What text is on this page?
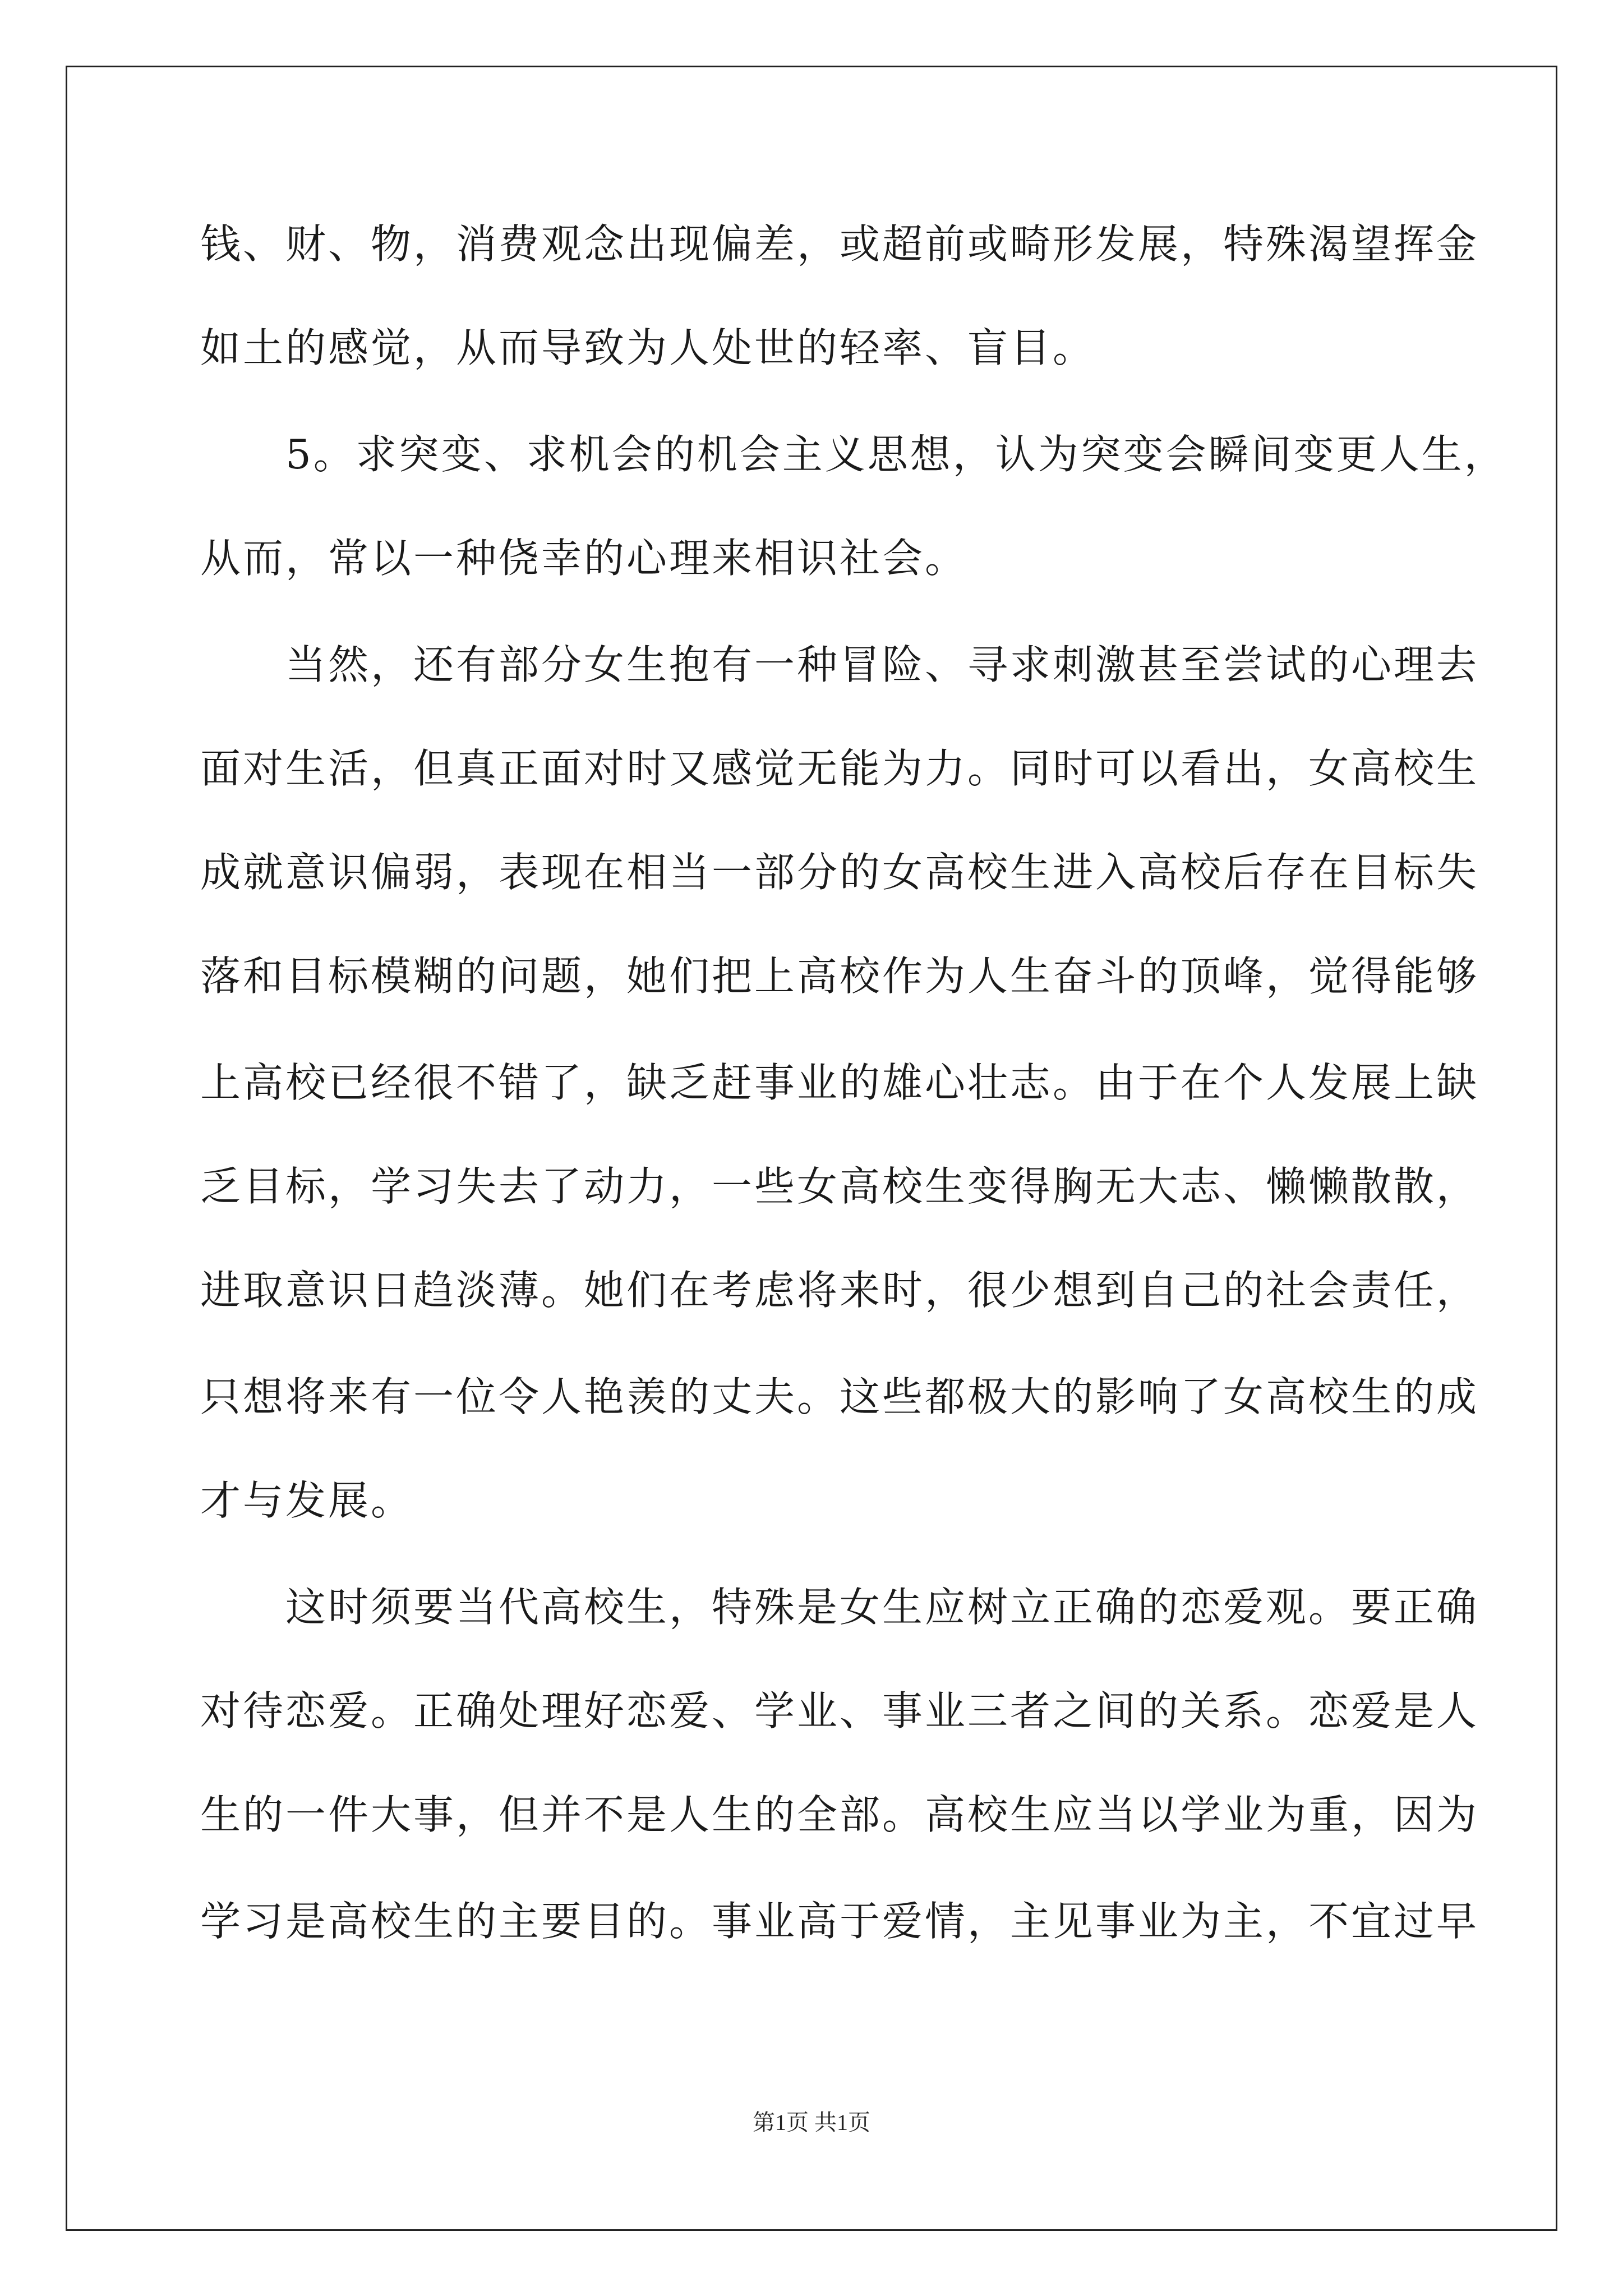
钱、财、物，消费观念出现偏差，或超前或畸形发展，特殊渴望挥金
如土的感觉，从而导致为人处世的轻率、盲目。
5。求突变、求机会的机会主义思想，认为突变会瞬间变更人生，
从而，常以一种侥幸的心理来相识社会。
当然，还有部分女生抱有一种冒险、寻求刺激甚至尝试的心理去
面对生活，但真正面对时又感觉无能为力。同时可以看出，女高校生
成就意识偏弱，表现在相当一部分的女高校生进入高校后存在目标失
落和目标模糊的问题，她们把上高校作为人生奋斗的顶峰，觉得能够
上高校已经很不错了，缺乏赶事业的雄心壮志。由于在个人发展上缺
乏目标，学习失去了动力，一些女高校生变得胸无大志、懒懒散散，
进取意识日趋淡薄。她们在考虑将来时，很少想到自己的社会责任，
只想将来有一位令人艳羡的丈夫。这些都极大的影响了女高校生的成
才与发展。
这时须要当代高校生，特殊是女生应树立正确的恋爱观。要正确
对待恋爱。正确处理好恋爱、学业、事业三者之间的关系。恋爱是人
生的一件大事，但并不是人生的全部。高校生应当以学业为重，因为
学习是高校生的主要目的。事业高于爱情，主见事业为主，不宜过早
第1页 共1页
